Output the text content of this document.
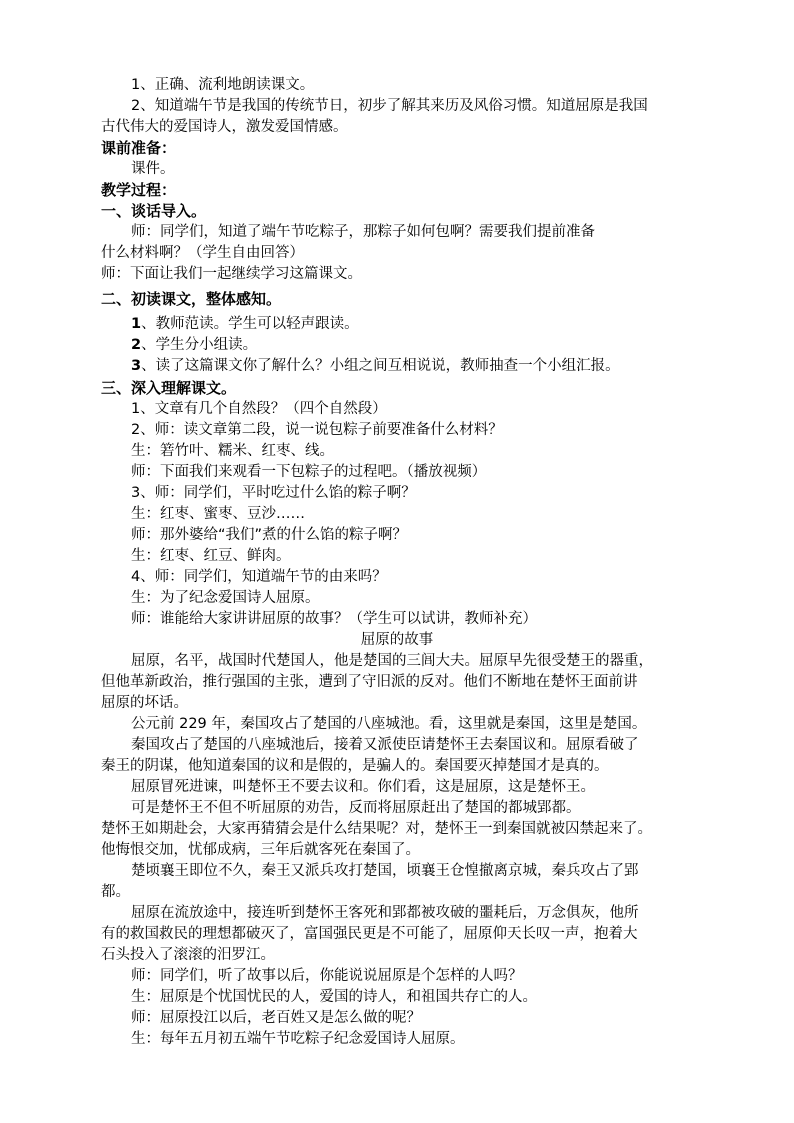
1、正确、流利地朗读课文。
2、知道端午节是我国的传统节日，初步了解其来历及风俗习惯。知道屈原是我国
古代伟大的爱国诗人，激发爱国情感。
课前准备：
课件。
教学过程：
一、谈话导入。
师：同学们，知道了端午节吃粽子，那粽子如何包啊？需要我们提前准备
什么材料啊？（学生自由回答）
师：下面让我们一起继续学习这篇课文。
二、初读课文，整体感知。
1、教师范读。学生可以轻声跟读。
2、学生分小组读。
3、读了这篇课文你了解什么？小组之间互相说说，教师抽查一个小组汇报。
三、深入理解课文。
1、文章有几个自然段？（四个自然段）
2、师：读文章第二段，说一说包粽子前要准备什么材料？
生：箬竹叶、糯米、红枣、线。
师：下面我们来观看一下包粽子的过程吧。（播放视频）
3、师：同学们，平时吃过什么馅的粽子啊？
生：红枣、蜜枣、豆沙……
师：那外婆给“我们”煮的什么馅的粽子啊？
生：红枣、红豆、鲜肉。
4、师：同学们，知道端午节的由来吗？
生：为了纪念爱国诗人屈原。
师：谁能给大家讲讲屈原的故事？（学生可以试讲，教师补充）
屈原的故事
屈原，名平，战国时代楚国人，他是楚国的三闾大夫。屈原早先很受楚王的器重，
但他革新政治，推行强国的主张，遭到了守旧派的反对。他们不断地在楚怀王面前讲
屈原的坏话。
公元前 229 年，秦国攻占了楚国的八座城池。看，这里就是秦国，这里是楚国。
秦国攻占了楚国的八座城池后，接着又派使臣请楚怀王去秦国议和。屈原看破了
秦王的阴谋，他知道秦国的议和是假的，是骗人的。秦国要灭掉楚国才是真的。
屈原冒死进谏，叫楚怀王不要去议和。你们看，这是屈原，这是楚怀王。
可是楚怀王不但不听屈原的劝告，反而将屈原赶出了楚国的都城郢都。
楚怀王如期赴会，大家再猜猜会是什么结果呢？对，楚怀王一到秦国就被囚禁起来了。
他悔恨交加，忧郁成病，三年后就客死在秦国了。
楚顷襄王即位不久，秦王又派兵攻打楚国，顷襄王仓惶撤离京城，秦兵攻占了郢
都。
屈原在流放途中，接连听到楚怀王客死和郢都被攻破的噩耗后，万念俱灰，他所
有的救国救民的理想都破灭了，富国强民更是不可能了，屈原仰天长叹一声，抱着大
石头投入了滚滚的汨罗江。
师：同学们，听了故事以后，你能说说屈原是个怎样的人吗？
生：屈原是个忧国忧民的人，爱国的诗人，和祖国共存亡的人。
师：屈原投江以后，老百姓又是怎么做的呢？
生：每年五月初五端午节吃粽子纪念爱国诗人屈原。
